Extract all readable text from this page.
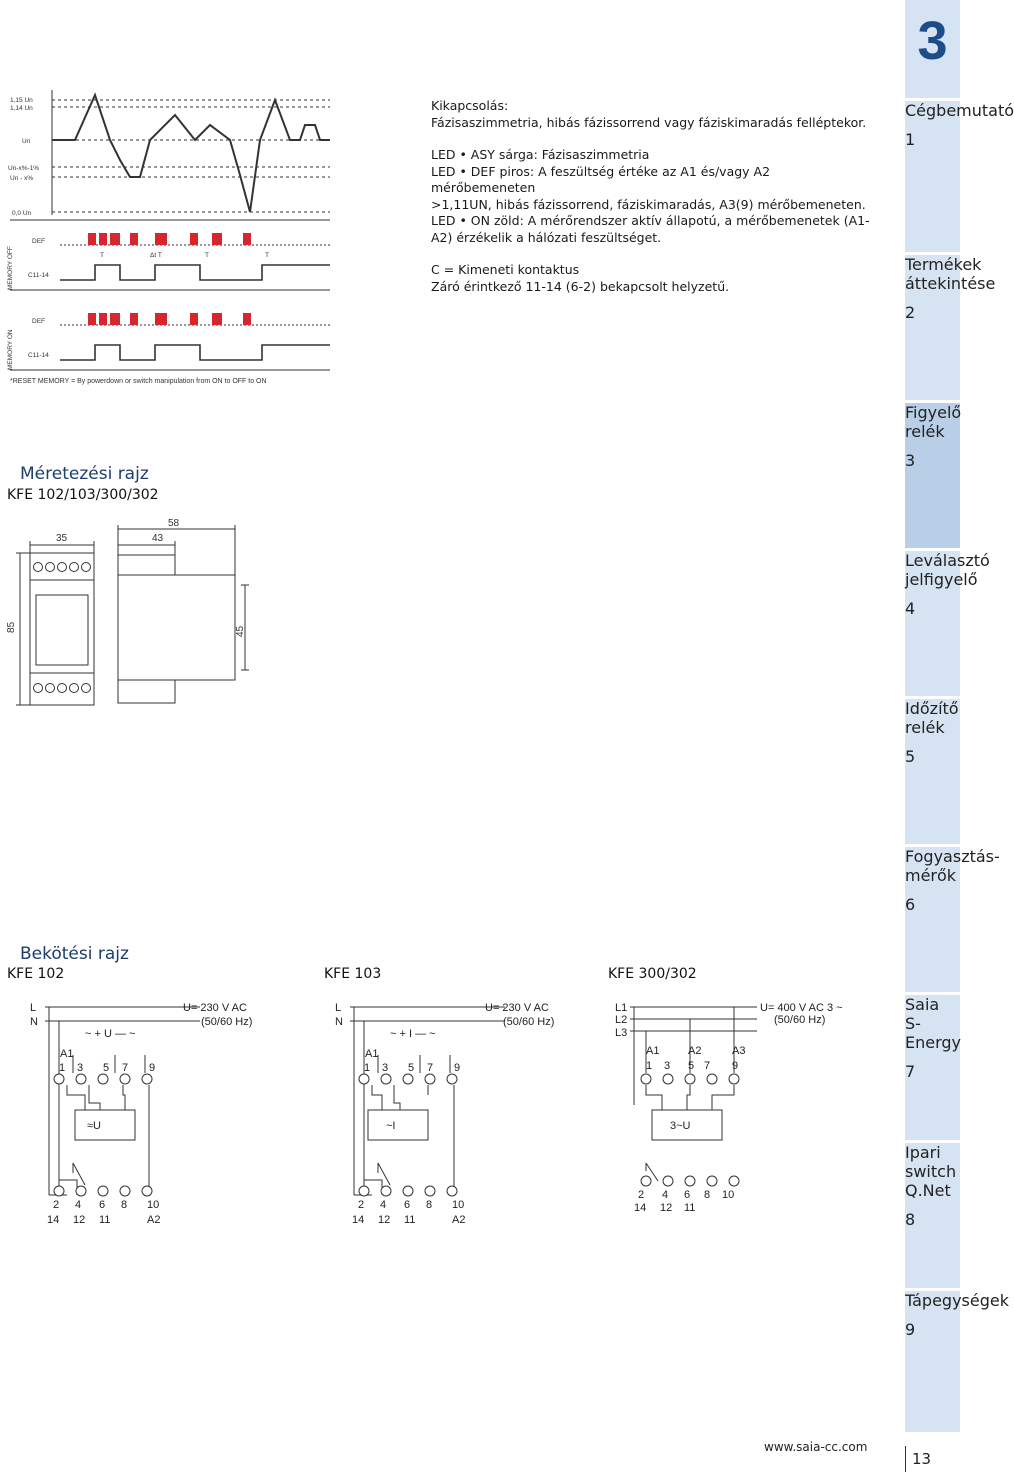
1,15 Un
1,14 Un
Un
Un-x%-1%
Un - x%
0,0 Un
DEF
C11-14
DEF
C11-14
T	Δt T	T	T
*RESET MEMORY = By powerdown or switch manipulation from ON to OFF to ON
MEMORY OFF
MEMORY ON
Kikapcsolás:
Fázisaszimmetria, hibás fázissorrend vagy fáziskimaradás felléptekor.
LED • ASY sárga: Fázisaszimmetria
LED • DEF piros: A feszültség értéke az A1 és/vagy A2 mérőbemeneten
>1,11UN, hibás fázissorrend, fáziskimaradás, A3(9) mérőbemeneten.
LED • ON zöld: A mérőrendszer aktív állapotú, a mérőbemenetek (A1-
A2) érzékelik a hálózati feszültséget.
C = Kimeneti kontaktus
Záró érintkező 11-14 (6-2) bekapcsolt helyzetű.
Méretezési rajz
KFE 102/103/300/302
35
58
43
85	45
Bekötési rajz
KFE 102	KFE 103	KFE 300/302
L
N
~ + U — ~
A1
1 3 5 7 9
≈U
2 4 6 8 10
14 12 11	A2
U= 230 V AC
(50/60 Hz)
L
N
~ + I — ~
A1
1 3 5 7 9
~I
2 4 6 8 10
14 12 11	A2
U= 230 V AC
(50/60 Hz)
L1
L2
L3
A1	A2	A3
1 3 5 7 9
3~U
2 4 6 8 10
14 12 11
U= 400 V AC 3 ~
(50/60 Hz)
3
Cégbemutató
1
Termékek
áttekintése
2
Figyelő relék
3
Leválasztó
jelfigyelő
4
Időzítő relék
5
Fogyasztás-
mérők
6
Saia
S-Energy
7
Ipari switch
Q.Net
8
Tápegységek
9
www.saia-cc.com
13
